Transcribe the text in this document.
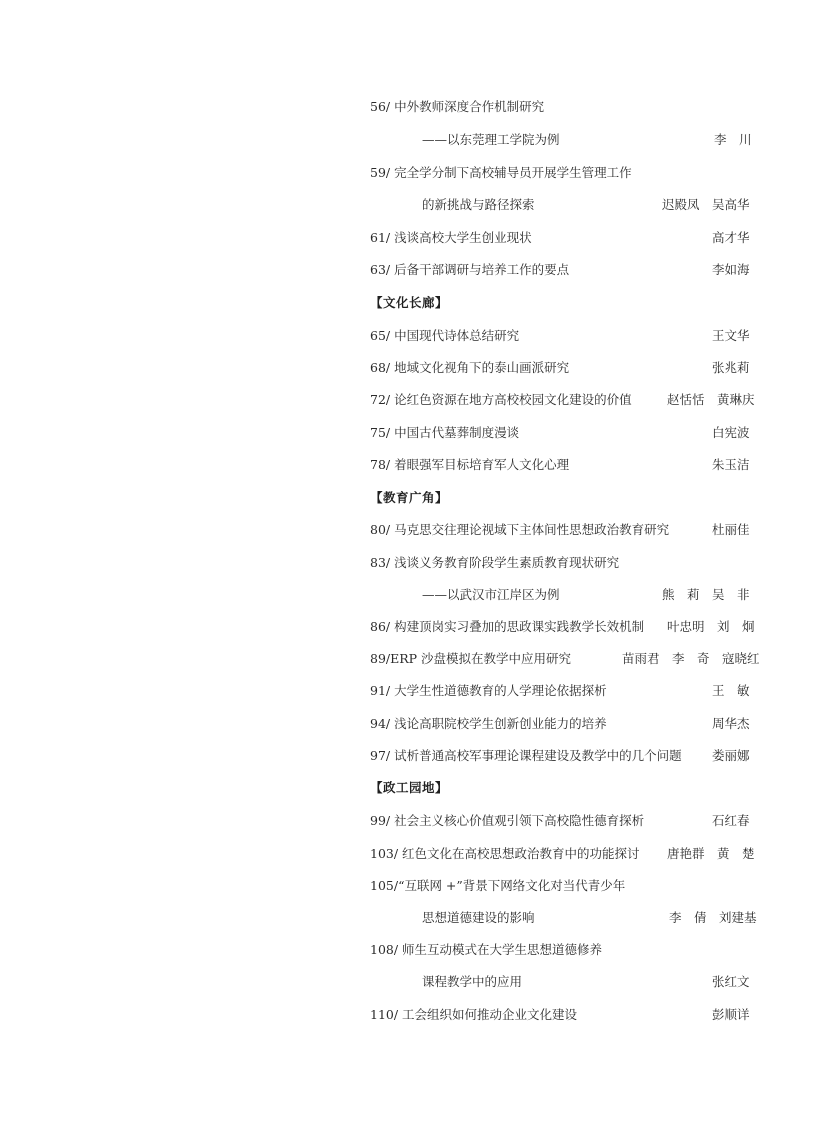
56/ 中外教师深度合作机制研究
——以东莞理工学院为例	李　川
59/ 完全学分制下高校辅导员开展学生管理工作
的新挑战与路径探索	迟殿凤　吴高华
61/ 浅谈高校大学生创业现状	高才华
63/ 后备干部调研与培养工作的要点	李如海
【文化长廊】
65/ 中国现代诗体总结研究	王文华
68/ 地域文化视角下的泰山画派研究	张兆莉
72/ 论红色资源在地方高校校园文化建设的价值	赵恬恬　黄琳庆
75/ 中国古代墓葬制度漫谈	白宪波
78/ 着眼强军目标培育军人文化心理	朱玉洁
【教育广角】
80/ 马克思交往理论视域下主体间性思想政治教育研究	杜丽佳
83/ 浅谈义务教育阶段学生素质教育现状研究
——以武汉市江岸区为例	熊　莉　吴　非
86/ 构建顶岗实习叠加的思政课实践教学长效机制 叶忠明　刘　炯
89/ERP 沙盘模拟在教学中应用研究	苗雨君　李　奇　寇晓红
91/ 大学生性道德教育的人学理论依据探析	王　敏
94/ 浅论高职院校学生创新创业能力的培养	周华杰
97/ 试析普通高校军事理论课程建设及教学中的几个问题 娄丽娜
【政工园地】
99/ 社会主义核心价值观引领下高校隐性德育探析	石红春
103/ 红色文化在高校思想政治教育中的功能探讨 唐艳群　黄　楚
105/“互联网 +”背景下网络文化对当代青少年
思想道德建设的影响	李　倩　刘建基
108/ 师生互动模式在大学生思想道德修养
课程教学中的应用	张红文
110/ 工会组织如何推动企业文化建设	彭顺详
